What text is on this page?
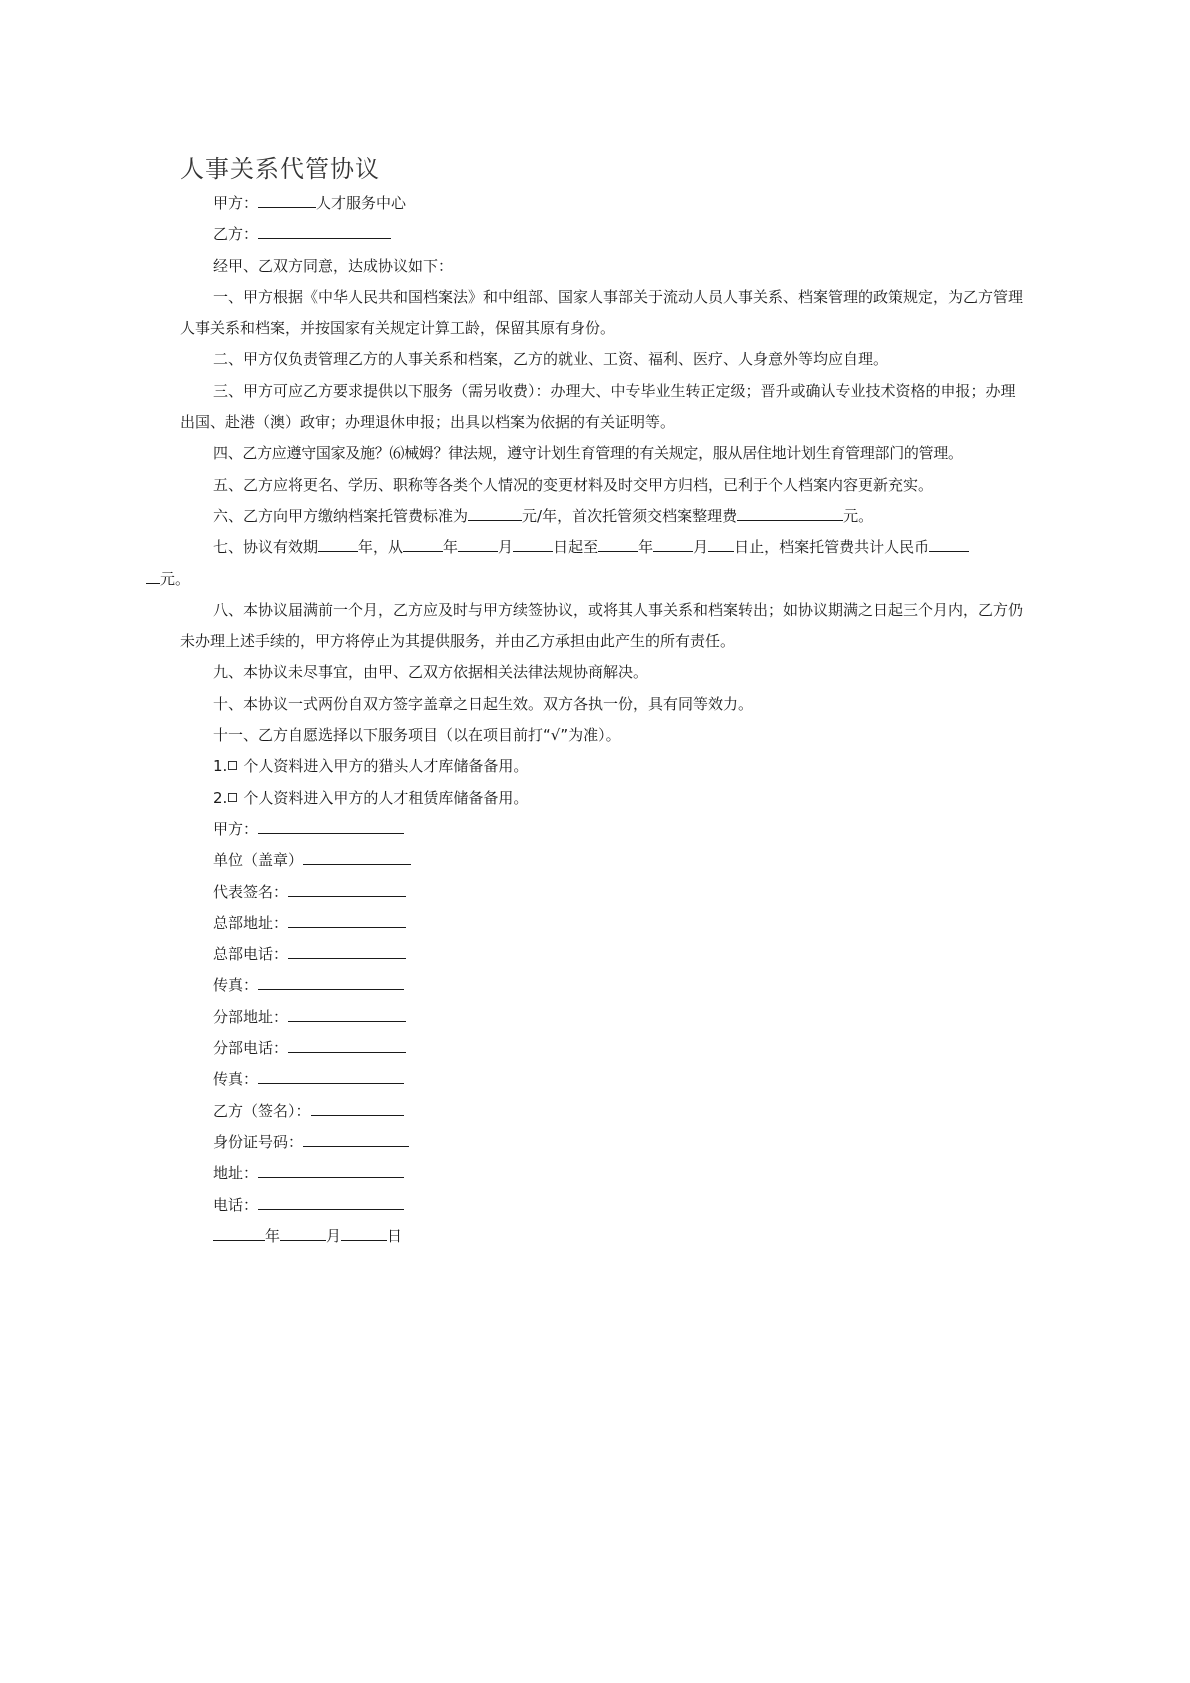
人事关系代管协议
甲方：	人才服务中心
乙方：
经甲、乙双方同意，达成协议如下：
一、甲方根据《中华人民共和国档案法》和中组部、国家人事部关于流动人员人事关系、档案管理的政策规定，为乙方管理人事关系和档案，并按国家有关规定计算工龄，保留其原有身份。
二、甲方仅负责管理乙方的人事关系和档案，乙方的就业、工资、福利、医疗、人身意外等均应自理。
三、甲方可应乙方要求提供以下服务（需另收费）：办理大、中专毕业生转正定级；晋升或确认专业技术资格的申报；办理出国、赴港（澳）政审；办理退休申报；出具以档案为依据的有关证明等。
四、乙方应遵守国家及施？⑹械姆？律法规，遵守计划生育管理的有关规定，服从居住地计划生育管理部门的管理。
五、乙方应将更名、学历、职称等各类个人情况的变更材料及时交甲方归档，已利于个人档案内容更新充实。
六、乙方向甲方缴纳档案托管费标准为	元/年，首次托管须交档案整理费	元。
七、协议有效期	年，从	年	月	日起至	年	月 日止，档案托管费共计人民币
元。
八、本协议届满前一个月，乙方应及时与甲方续签协议，或将其人事关系和档案转出；如协议期满之日起三个月内，乙方仍未办理上述手续的，甲方将停止为其提供服务，并由乙方承担由此产生的所有责任。
九、本协议未尽事宜，由甲、乙双方依据相关法律法规协商解决。
十、本协议一式两份自双方签字盖章之日起生效。双方各执一份，具有同等效力。
十一、乙方自愿选择以下服务项目（以在项目前打“√”为准）。
1. 个人资料进入甲方的猎头人才库储备备用。
2. 个人资料进入甲方的人才租赁库储备备用。
甲方：
单位（盖章）
代表签名：
总部地址：
总部电话：
传真：
分部地址：
分部电话：
传真：
乙方（签名）：
身份证号码：
地址：
电话：
年	月	日
